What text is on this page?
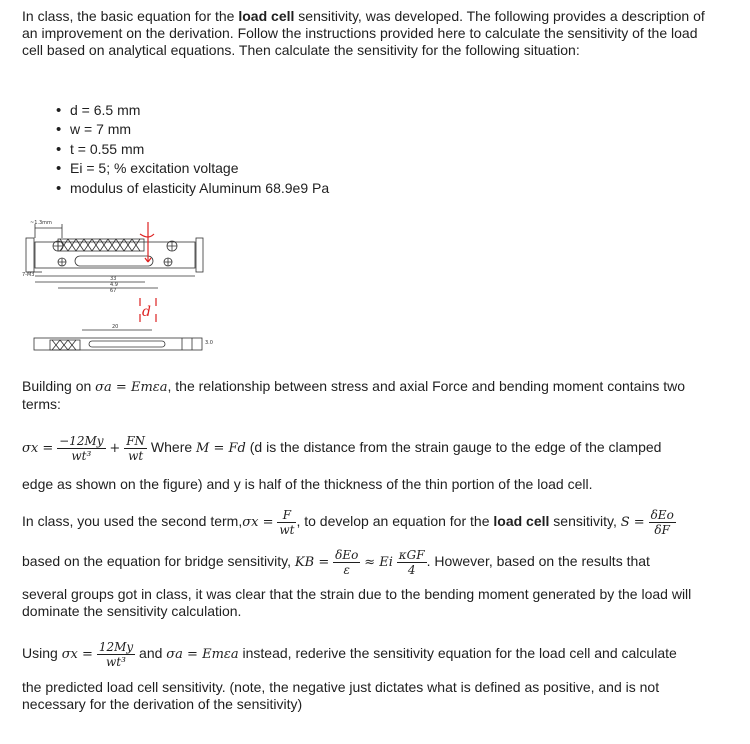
In class, the basic equation for the load cell sensitivity, was developed. The following provides a description of an improvement on the derivation. Follow the instructions provided here to calculate the sensitivity of the load cell based on analytical equations. Then calculate the sensitivity for the following situation:
• d = 6.5 mm
• w = 7 mm
• t = 0.55 mm
• Ei = 5; % excitation voltage
• modulus of elasticity Aluminum 68.9e9 Pa
~1.3mm
7-M3
33
4.9
67
20
3.0
d
Building on σa = Emεa, the relationship between stress and axial Force and bending moment contains two terms:
$\sigma x = \frac{-12My}{\text{wt³}} + \frac{FN}{wt}$ Where M = Fd (d is the distance from the strain gauge to the edge of the clamped
edge as shown on the figure) and y is half of the thickness of the thin portion of the load cell.
In class, you used the second term,σx = $\frac{F}{wt}$ , to develop an equation for the load cell sensitivity, $S = \frac{\text{δEo}}{\delta F}$
based on the equation for bridge sensitivity, KB = $\frac{\text{δEo}}{\varepsilon} \approx Ei \frac{\text{κGF}}{4}$ . However, based on the results that
several groups got in class, it was clear that the strain due to the bending moment generated by the load will dominate the sensitivity calculation.
Using $\sigma x = \frac{12My}{\text{wt³}}$ and σa = Emεa instead, rederive the sensitivity equation for the load cell and calculate
the predicted load cell sensitivity. (note, the negative just dictates what is defined as positive, and is not necessary for the derivation of the sensitivity)
